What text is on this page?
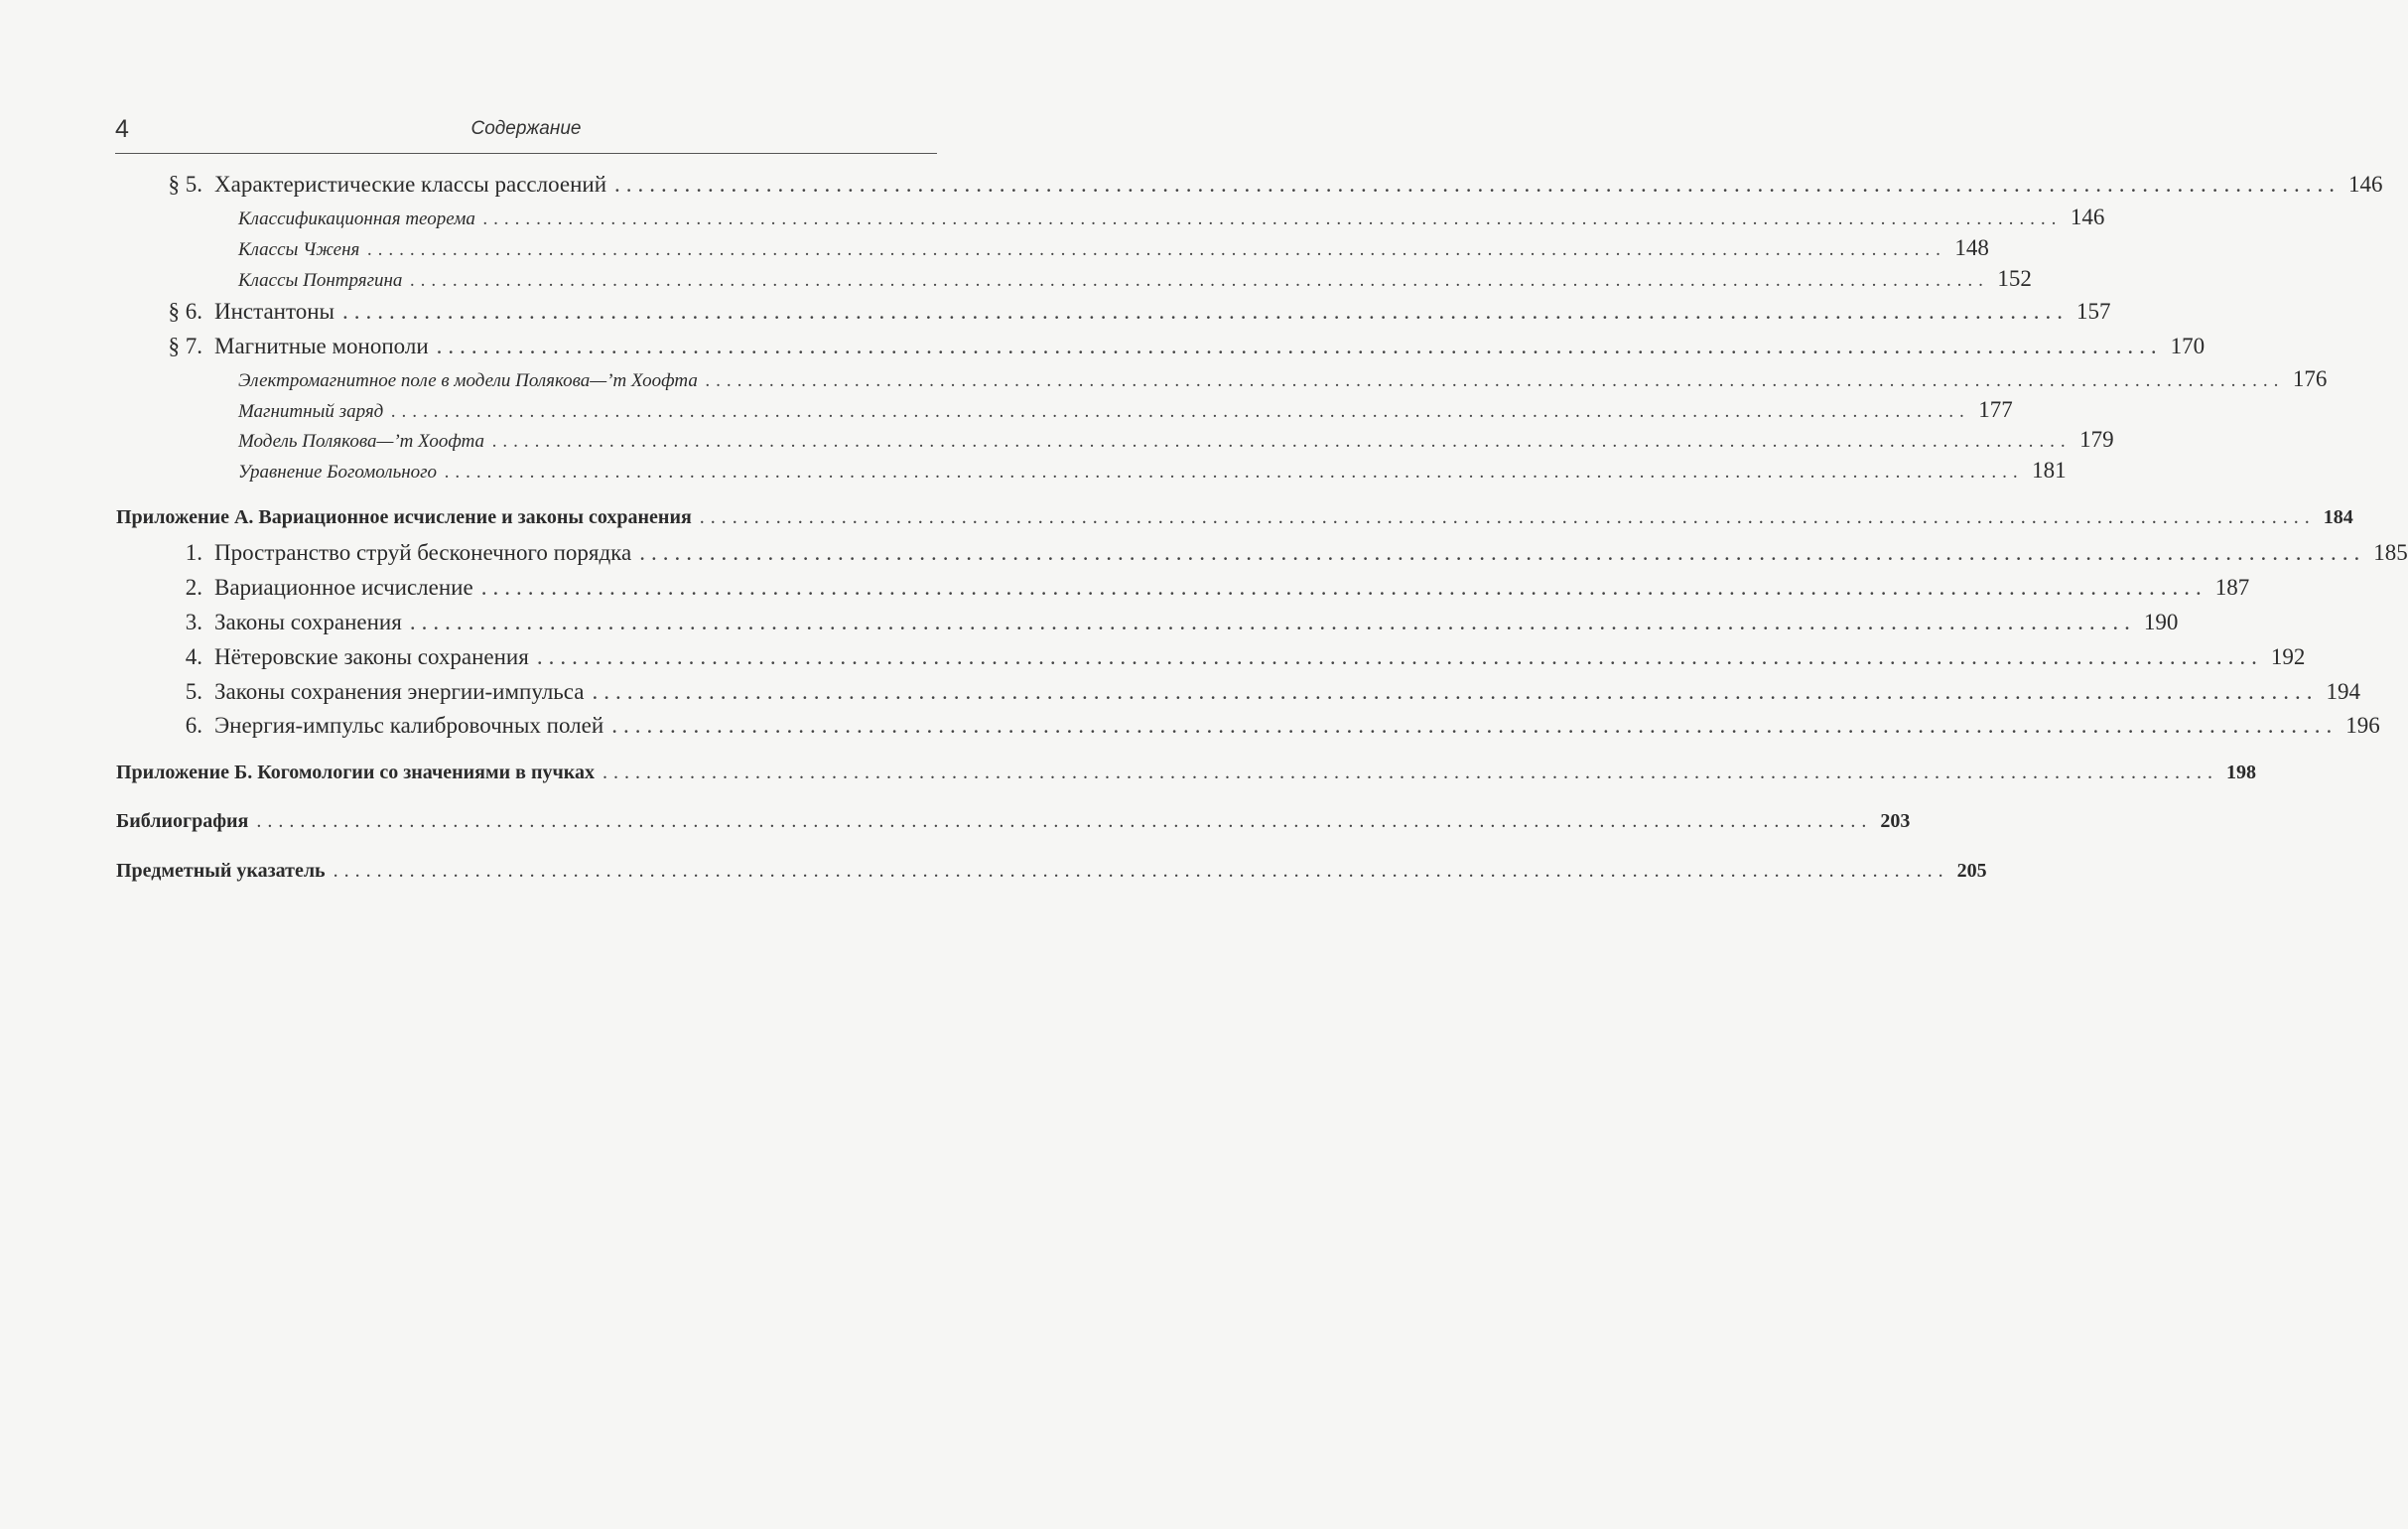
4	Содержание
§ 5. Характеристические классы расслоений .................................................................................................................................................... 146
Классификационная теорема .................................................................................................................................................... 146
Классы Чженя .................................................................................................................................................... 148
Классы Понтрягина .................................................................................................................................................... 152
§ 6. Инстантоны .................................................................................................................................................... 157
§ 7. Магнитные монополи .................................................................................................................................................... 170
Электромагнитное поле в модели Полякова—’т Хоофта .................................................................................................................................................... 176
Магнитный заряд .................................................................................................................................................... 177
Модель Полякова—’т Хоофта .................................................................................................................................................... 179
Уравнение Богомольного .................................................................................................................................................... 181
Приложение А. Вариационное исчисление и законы сохранения .................................................................................................................................................... 184
1. Пространство струй бесконечного порядка .................................................................................................................................................... 185
2. Вариационное исчисление .................................................................................................................................................... 187
3. Законы сохранения .................................................................................................................................................... 190
4. Нётеровские законы сохранения .................................................................................................................................................... 192
5. Законы сохранения энергии-импульса .................................................................................................................................................... 194
6. Энергия-импульс калибровочных полей .................................................................................................................................................... 196
Приложение Б. Когомологии со значениями в пучках .................................................................................................................................................... 198
Библиография .................................................................................................................................................... 203
Предметный указатель .................................................................................................................................................... 205
